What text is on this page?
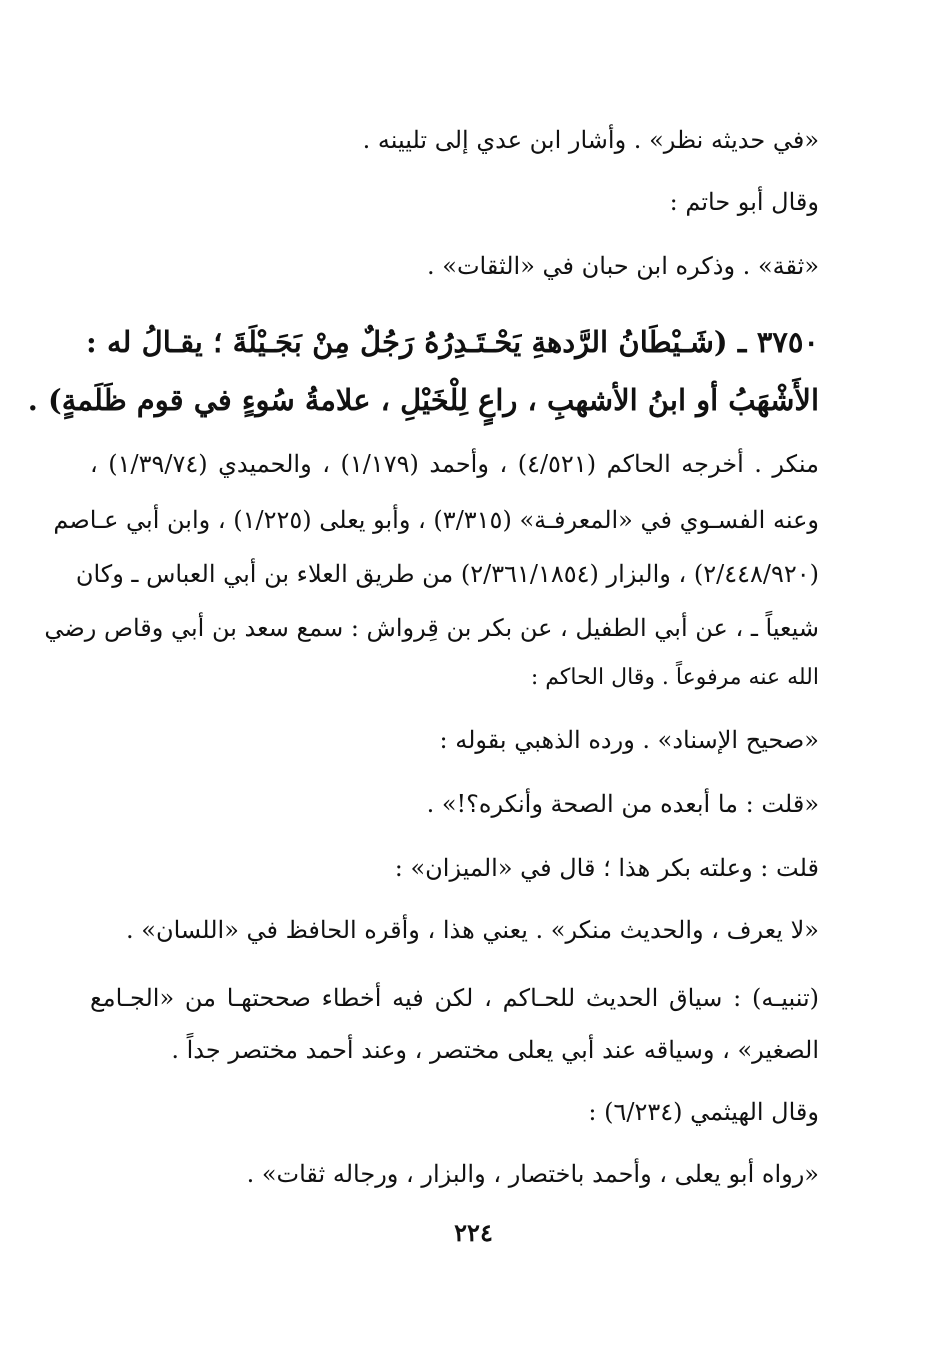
«في حديثه نظر» . وأشار ابن عدي إلى تليينه .
وقال أبو حاتم :
«ثقة» . وذكره ابن حبان في «الثقات» .
٣٧٥٠ ـ (شَـيْطَانُ الرَّدهةِ يَحْـتَـدِرُهُ رَجُلٌ مِنْ بَجَـيْلَةَ ؛ يقـالُ له :
الأَشْهَبُ أو ابنُ الأشهبِ ، راعٍ لِلْخَيْلِ ، علامةُ سُوءٍ في قوم ظَلَمةٍ) .
منكر . أخرجه الحاكم (٤/٥٢١) ، وأحمد (١/١٧٩) ، والحميدي (١/٣٩/٧٤) ،
وعنه الفسـوي في «المعرفـة» (٣/٣١٥) ، وأبو يعلى (١/٢٢٥) ، وابن أبي عـاصم
(٢/٤٤٨/٩٢٠) ، والبزار (٢/٣٦١/١٨٥٤) من طريق العلاء بن أبي العباس ـ وكان
شيعياً ـ ، عن أبي الطفيل ، عن بكر بن قِرواش : سمع سعد بن أبي وقاص رضي
الله عنه مرفوعاً . وقال الحاكم :
«صحيح الإسناد» . ورده الذهبي بقوله :
«قلت : ما أبعده من الصحة وأنكره؟!» .
قلت : وعلته بكر هذا ؛ قال في «الميزان» :
«لا يعرف ، والحديث منكر» . يعني هذا ، وأقره الحافظ في «اللسان» .
(تنبيـه) : سياق الحديث للحـاكم ، لكن فيه أخطاء صححتهـا من «الجـامع
الصغير» ، وسياقه عند أبي يعلى مختصر ، وعند أحمد مختصر جداً .
وقال الهيثمي (٦/٢٣٤) :
«رواه أبو يعلى ، وأحمد باختصار ، والبزار ، ورجاله ثقات» .
٢٢٤
